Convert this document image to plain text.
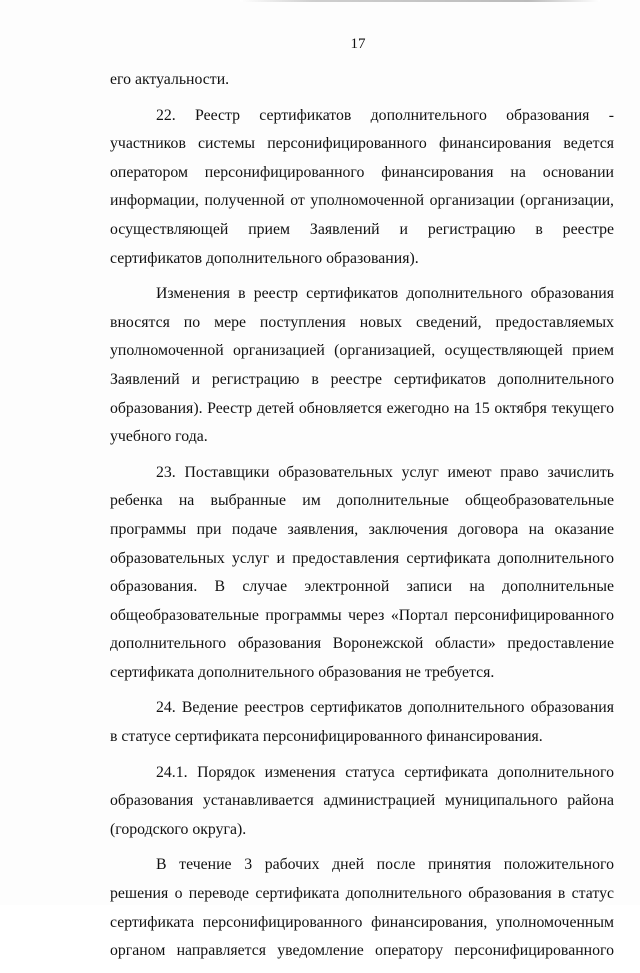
17

его актуальности.

22. Реестр сертификатов дополнительного образования - участников системы персонифицированного финансирования ведется оператором персонифицированного финансирования на основании информации, полученной от уполномоченной организации (организации, осуществляющей прием Заявлений и регистрацию в реестре сертификатов дополнительного образования).

Изменения в реестр сертификатов дополнительного образования вносятся по мере поступления новых сведений, предоставляемых уполномоченной организацией (организацией, осуществляющей прием Заявлений и регистрацию в реестре сертификатов дополнительного образования). Реестр детей обновляется ежегодно на 15 октября текущего учебного года.

23. Поставщики образовательных услуг имеют право зачислить ребенка на выбранные им дополнительные общеобразовательные программы при подаче заявления, заключения договора на оказание образовательных услуг и предоставления сертификата дополнительного образования. В случае электронной записи на дополнительные общеобразовательные программы через «Портал персонифицированного дополнительного образования Воронежской области» предоставление сертификата дополнительного образования не требуется.

24. Ведение реестров сертификатов дополнительного образования в статусе сертификата персонифицированного финансирования.

24.1. Порядок изменения статуса сертификата дополнительного образования устанавливается администрацией муниципального района (городского округа).

В течение 3 рабочих дней после принятия положительного решения о переводе сертификата дополнительного образования в статус сертификата персонифицированного финансирования, уполномоченным органом направляется уведомление оператору персонифицированного
